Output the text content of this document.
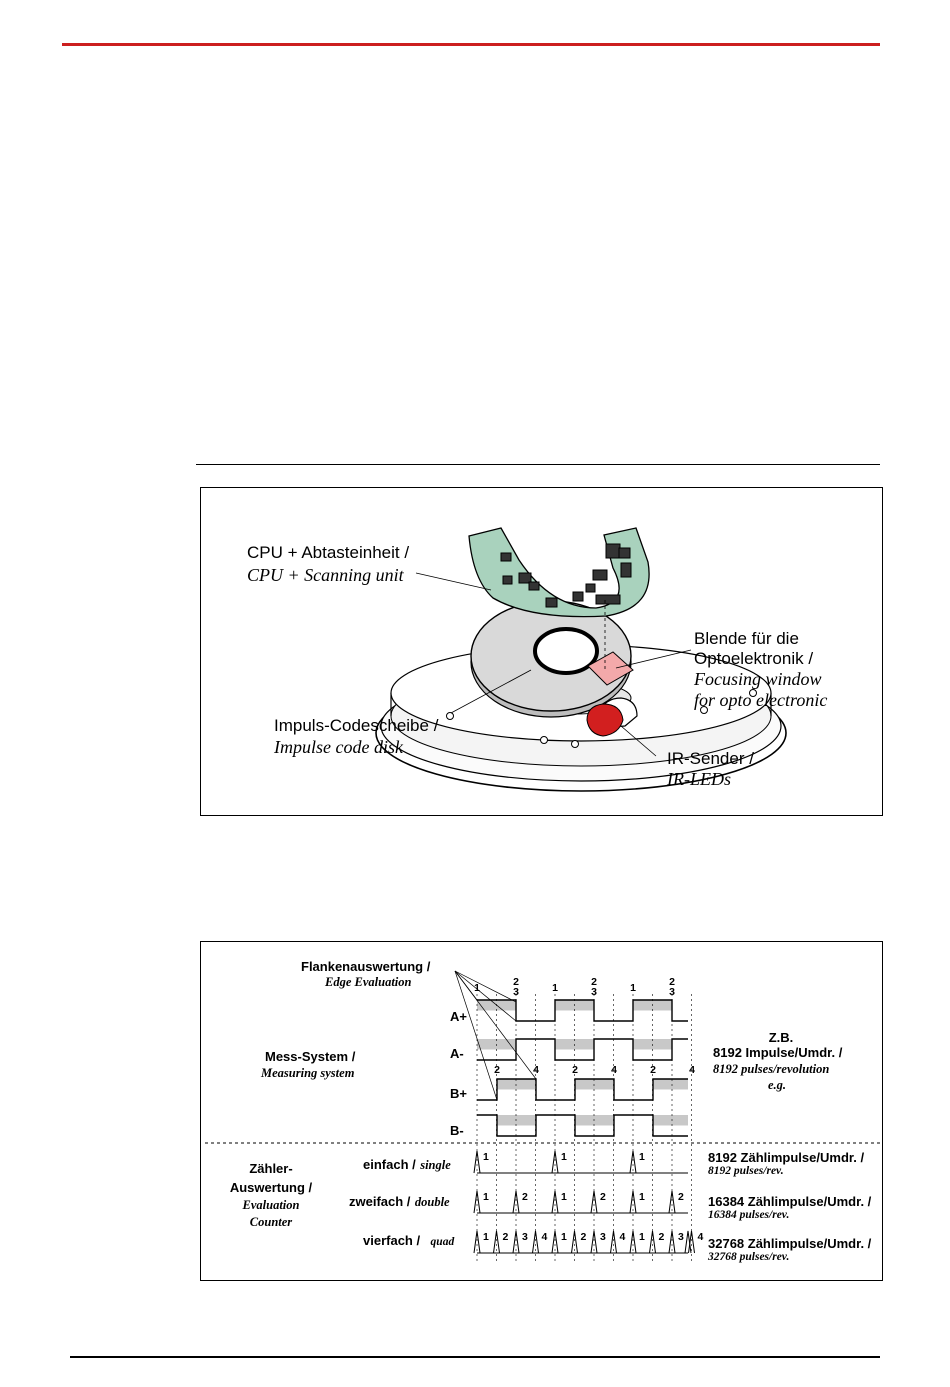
CPU + Abtasteinheit /
CPU + Scanning unit
Blende für die
Optoelektronik /
Focusing window
for opto electronic
Impuls-Codescheibe /
Impulse code disk
IR-Sender /
IR-LEDs
1	1	1
1	2	1	2	1	2
1 2 3 4 1 2 3 4 1 2 3 4
1	2
3	1	2
3	1	2
3
2	4	2	4	2	4
Flankenauswertung /
Edge Evaluation
Mess-System /
Measuring system
A+
A-
B+
B-
Z.B.
8192 Impulse/Umdr. /
8192 pulses/revolution
e.g.
Zähler-
Auswertung /
Evaluation
Counter
einfach / single
zweifach / double
vierfach / quad
8192 Zählimpulse/Umdr. /
8192 pulses/rev.
16384 Zählimpulse/Umdr. /
16384 pulses/rev.
32768 Zählimpulse/Umdr. /
32768 pulses/rev.
